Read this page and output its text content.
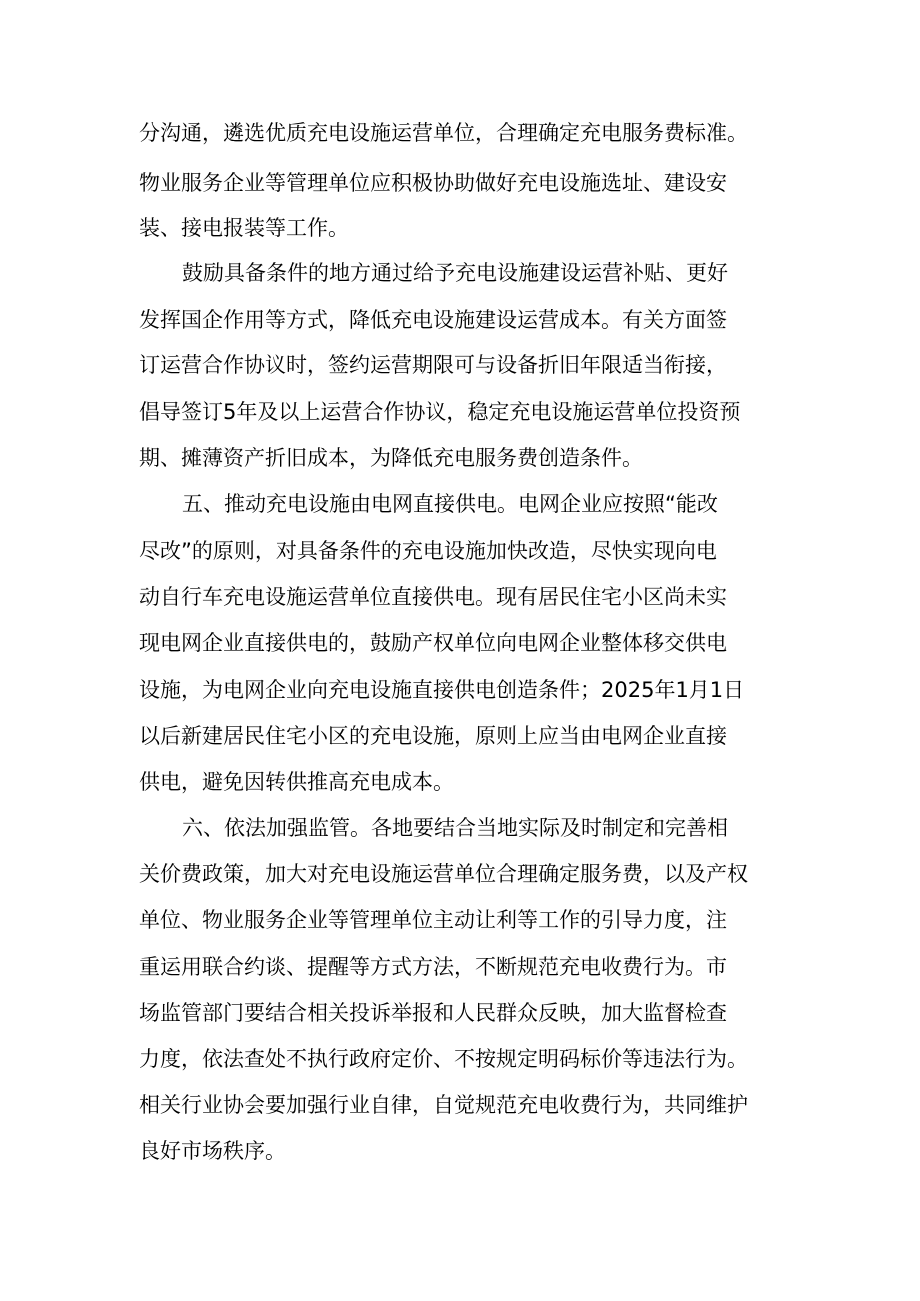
分沟通，遴选优质充电设施运营单位，合理确定充电服务费标准。
物业服务企业等管理单位应积极协助做好充电设施选址、建设安
装、接电报装等工作。
鼓励具备条件的地方通过给予充电设施建设运营补贴、更好
发挥国企作用等方式，降低充电设施建设运营成本。有关方面签
订运营合作协议时，签约运营期限可与设备折旧年限适当衔接，
倡导签订5年及以上运营合作协议，稳定充电设施运营单位投资预
期、摊薄资产折旧成本，为降低充电服务费创造条件。
五、推动充电设施由电网直接供电。电网企业应按照“能改
尽改”的原则，对具备条件的充电设施加快改造，尽快实现向电
动自行车充电设施运营单位直接供电。现有居民住宅小区尚未实
现电网企业直接供电的，鼓励产权单位向电网企业整体移交供电
设施，为电网企业向充电设施直接供电创造条件；2025年1月1日
以后新建居民住宅小区的充电设施，原则上应当由电网企业直接
供电，避免因转供推高充电成本。
六、依法加强监管。各地要结合当地实际及时制定和完善相
关价费政策，加大对充电设施运营单位合理确定服务费，以及产权
单位、物业服务企业等管理单位主动让利等工作的引导力度，注
重运用联合约谈、提醒等方式方法，不断规范充电收费行为。市
场监管部门要结合相关投诉举报和人民群众反映，加大监督检查
力度，依法查处不执行政府定价、不按规定明码标价等违法行为。
相关行业协会要加强行业自律，自觉规范充电收费行为，共同维护
良好市场秩序。
